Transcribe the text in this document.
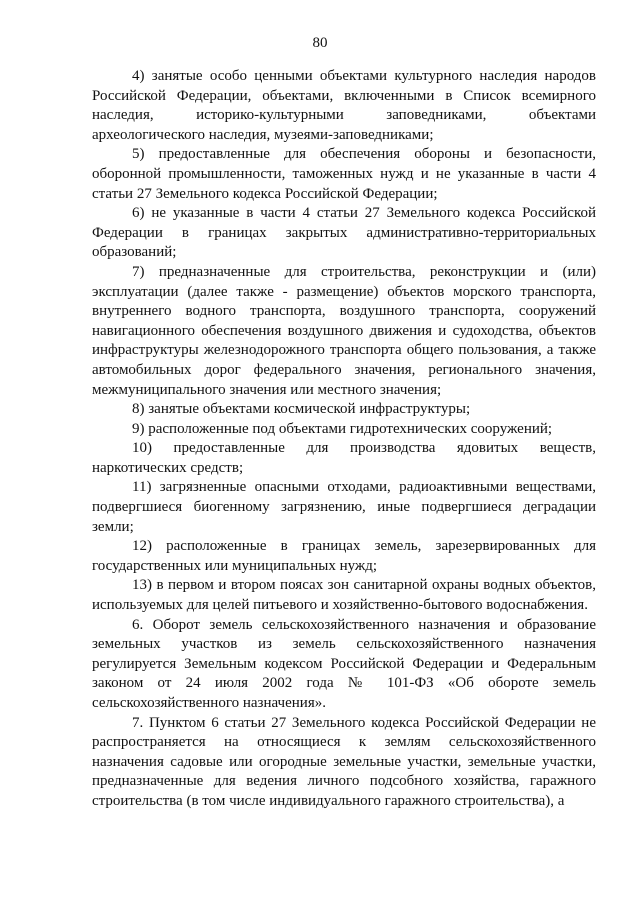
80

4) занятые особо ценными объектами культурного наследия народов Российской Федерации, объектами, включенными в Список всемирного наследия, историко-культурными заповедниками, объектами археологического наследия, музеями-заповедниками;

5) предоставленные для обеспечения обороны и безопасности, оборонной промышленности, таможенных нужд и не указанные в части 4 статьи 27 Земельного кодекса Российской Федерации;

6) не указанные в части 4 статьи 27 Земельного кодекса Российской Федерации в границах закрытых административно-территориальных образований;

7) предназначенные для строительства, реконструкции и (или) эксплуатации (далее также - размещение) объектов морского транспорта, внутреннего водного транспорта, воздушного транспорта, сооружений навигационного обеспечения воздушного движения и судоходства, объектов инфраструктуры железнодорожного транспорта общего пользования, а также автомобильных дорог федерального значения, регионального значения, межмуниципального значения или местного значения;

8) занятые объектами космической инфраструктуры;

9) расположенные под объектами гидротехнических сооружений;

10) предоставленные для производства ядовитых веществ, наркотических средств;

11) загрязненные опасными отходами, радиоактивными веществами, подвергшиеся биогенному загрязнению, иные подвергшиеся деградации земли;

12) расположенные в границах земель, зарезервированных для государственных или муниципальных нужд;

13) в первом и втором поясах зон санитарной охраны водных объектов, используемых для целей питьевого и хозяйственно-бытового водоснабжения.

6. Оборот земель сельскохозяйственного назначения и образование земельных участков из земель сельскохозяйственного назначения регулируется Земельным кодексом Российской Федерации и Федеральным законом от 24 июля 2002 года № 101-ФЗ «Об обороте земель сельскохозяйственного назначения».

7. Пунктом 6 статьи 27 Земельного кодекса Российской Федерации не распространяется на относящиеся к землям сельскохозяйственного назначения садовые или огородные земельные участки, земельные участки, предназначенные для ведения личного подсобного хозяйства, гаражного строительства (в том числе индивидуального гаражного строительства), а
